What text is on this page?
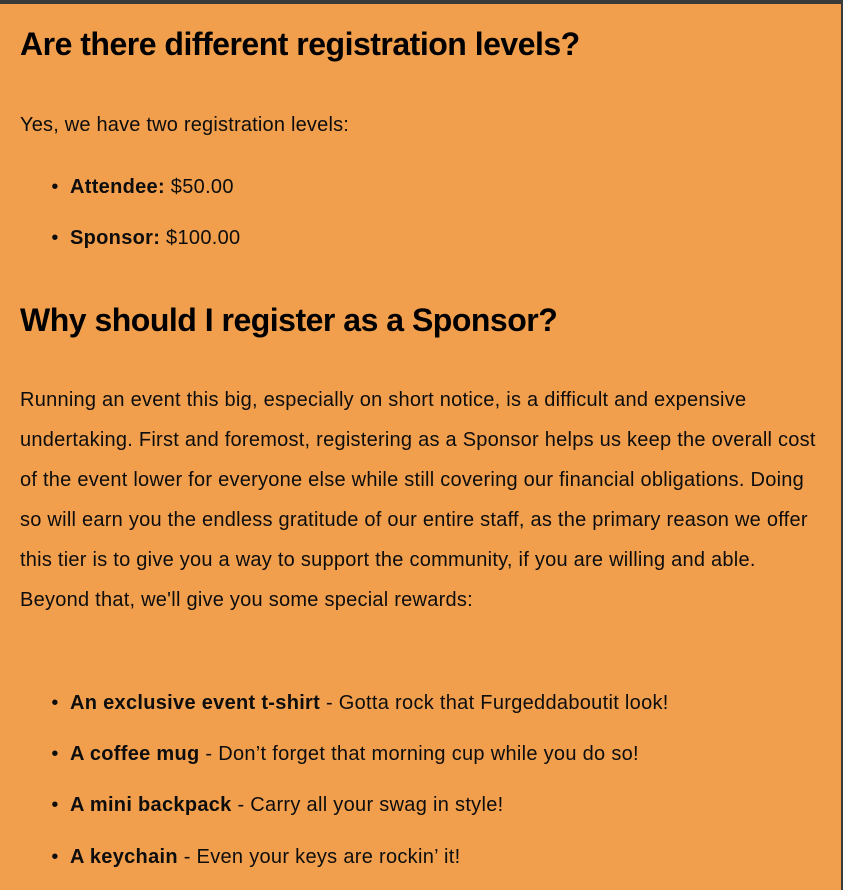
Are there different registration levels?

Yes, we have two registration levels:

• Attendee: $50.00
• Sponsor: $100.00
Why should I register as a Sponsor?

Running an event this big, especially on short notice, is a difficult and expensive undertaking. First and foremost, registering as a Sponsor helps us keep the overall cost of the event lower for everyone else while still covering our financial obligations. Doing so will earn you the endless gratitude of our entire staff, as the primary reason we offer this tier is to give you a way to support the community, if you are willing and able. Beyond that, we'll give you some special rewards:

• An exclusive event t-shirt - Gotta rock that Furgeddaboutit look!
• A coffee mug - Don’t forget that morning cup while you do so!
• A mini backpack - Carry all your swag in style!
• A keychain - Even your keys are rockin’ it!
